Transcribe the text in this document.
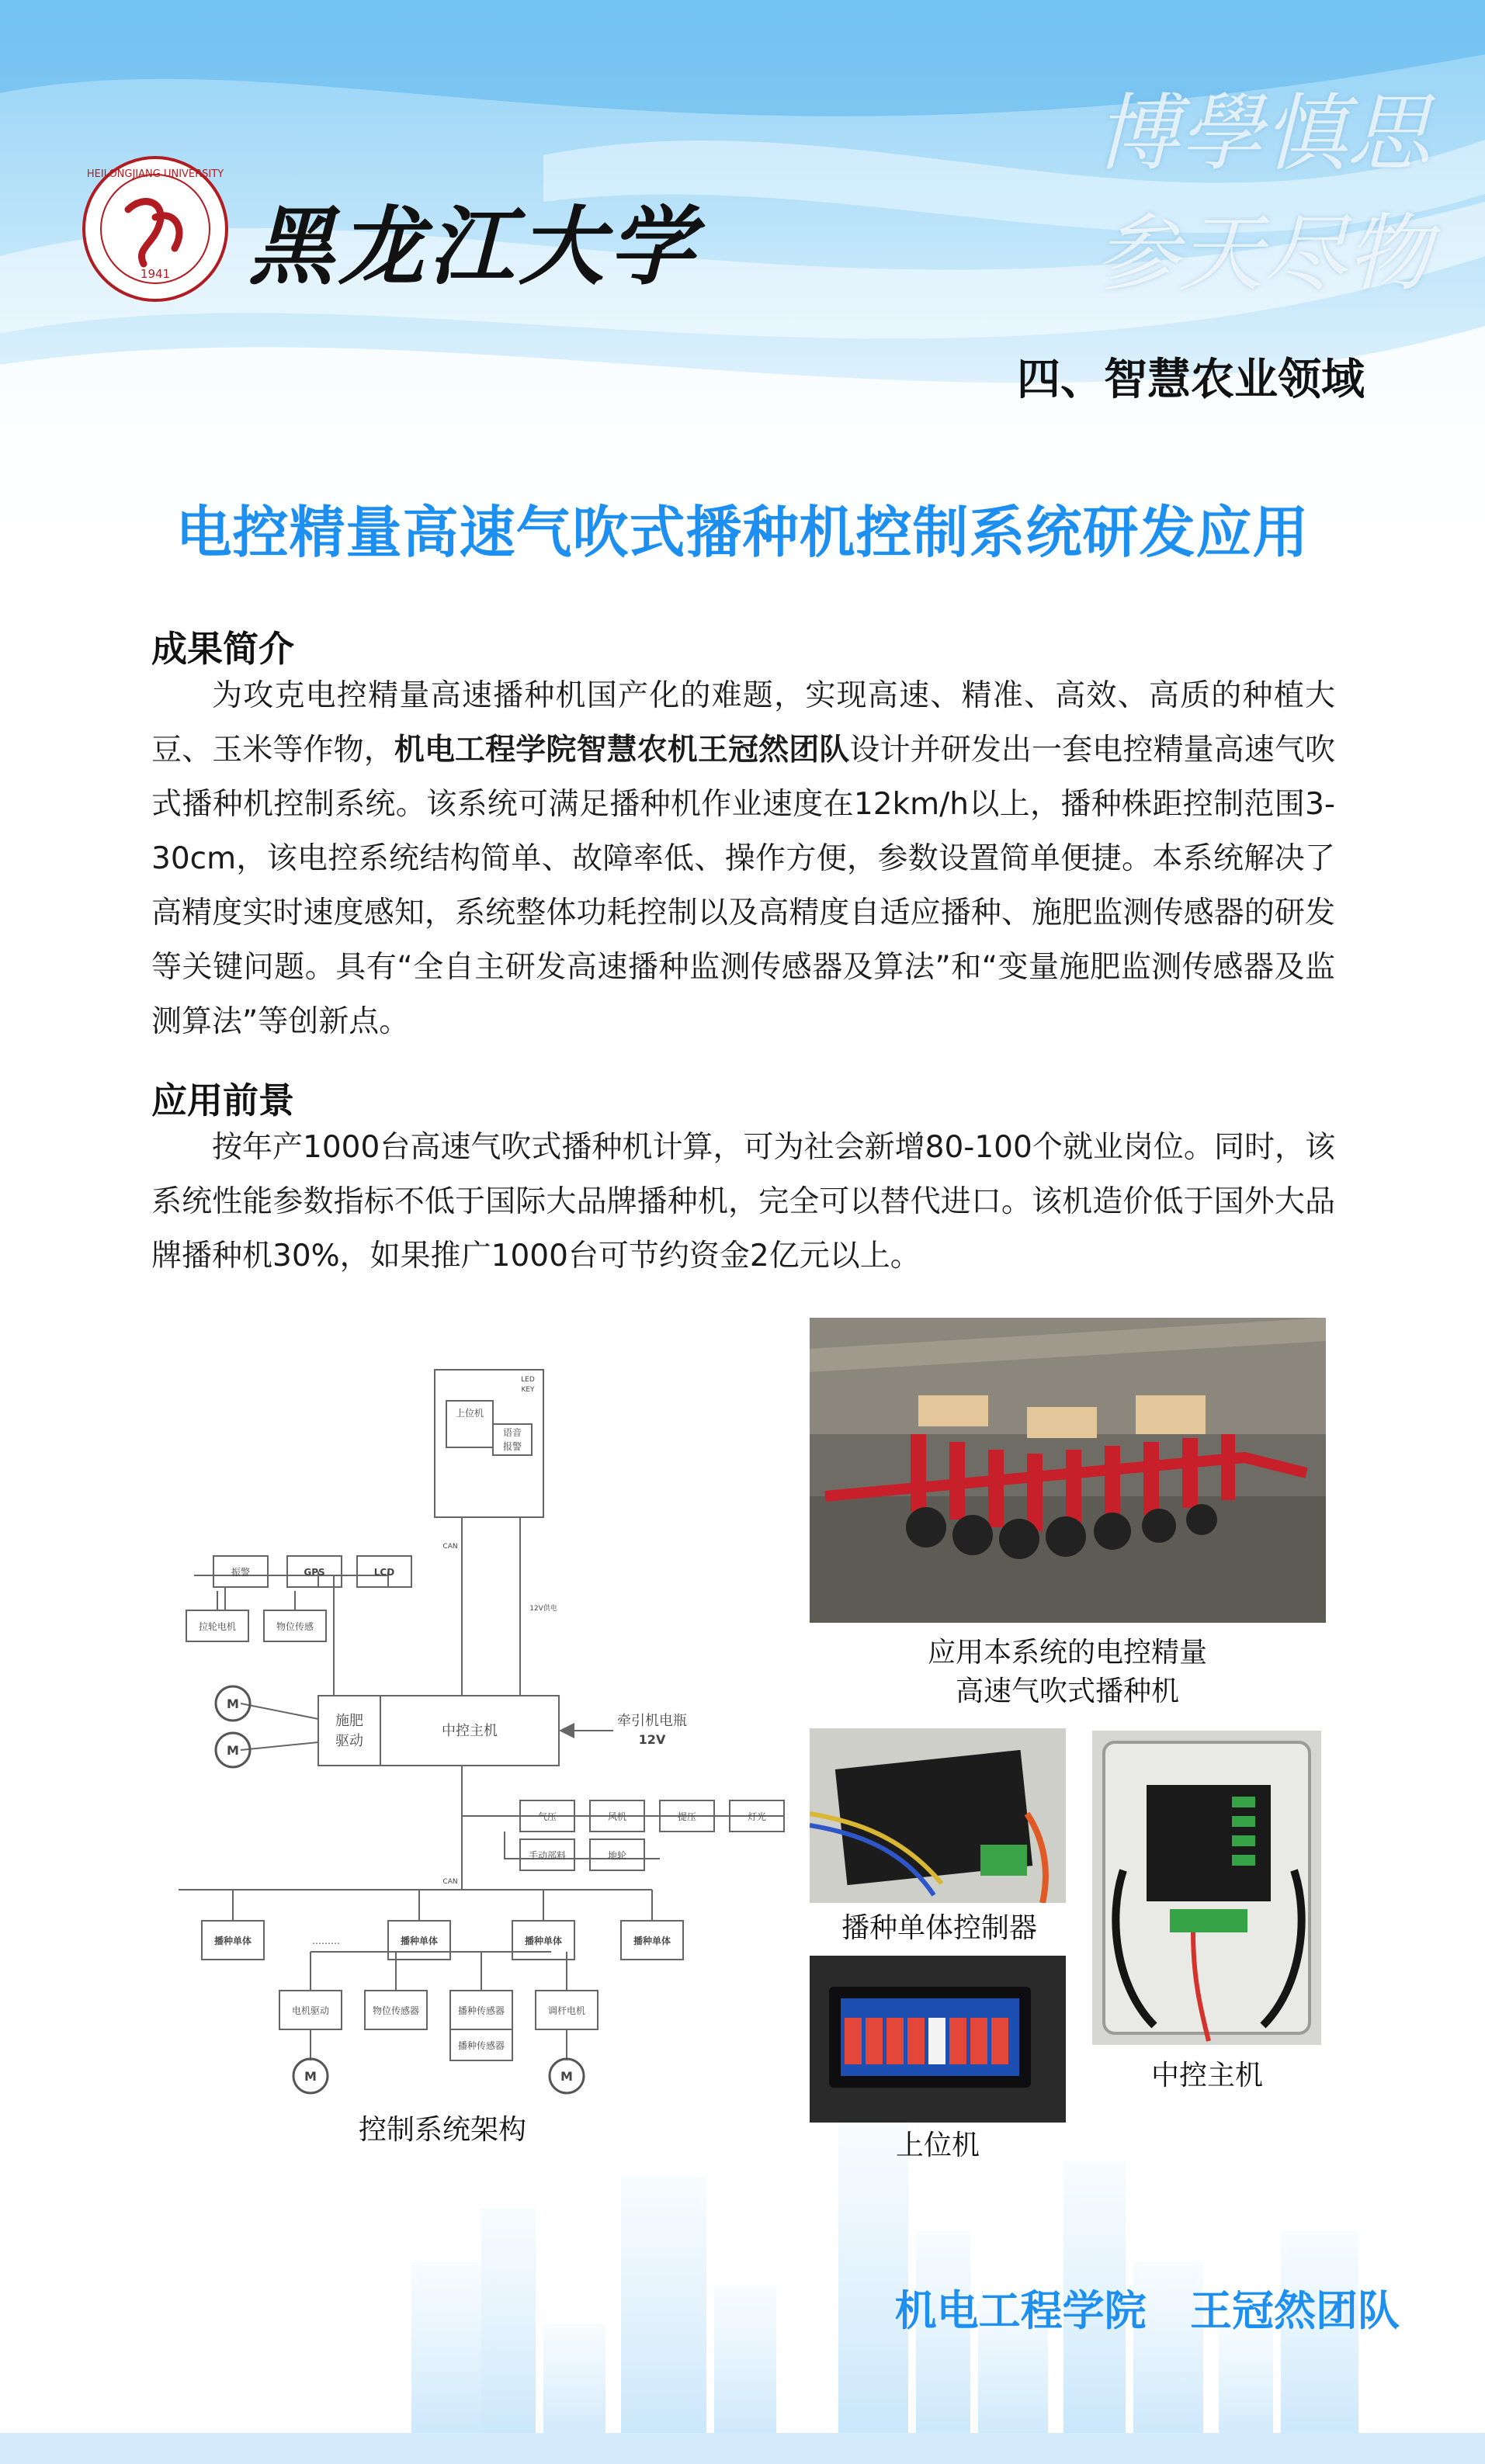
HEILONGJIANG UNIVERSITY
1941 黑龙江大学
博學慎思
参天尽物
四、智慧农业领域
电控精量高速气吹式播种机控制系统研发应用
成果简介
为攻克电控精量高速播种机国产化的难题，实现高速、精准、高效、高质的种植大豆、玉米等作物，机电工程学院智慧农机王冠然团队设计并研发出一套电控精量高速气吹式播种机控制系统。该系统可满足播种机作业速度在12km/h以上，播种株距控制范围3-30cm，该电控系统结构简单、故障率低、操作方便，参数设置简单便捷。本系统解决了高精度实时速度感知，系统整体功耗控制以及高精度自适应播种、施肥监测传感器的研发等关键问题。具有“全自主研发高速播种监测传感器及算法”和“变量施肥监测传感器及监测算法”等创新点。
应用前景
按年产1000台高速气吹式播种机计算，可为社会新增80-100个就业岗位。同时，该系统性能参数指标不低于国际大品牌播种机，完全可以替代进口。该机造价低于国外大品牌播种机30%，如果推广1000台可节约资金2亿元以上。
上位机
语音
报警
LED
KEY
CAN
12V供电
振警	GPS	LCD
拉轮电机	物位传感
施肥
驱动
中控主机
牵引机电瓶
12V
气压	风机	提压	灯光
手动部料	地轮
CAN
播种单体	………	播种单体	播种单体	播种单体
电机驱动	物位传感器	播种传感器
播种传感器
调杆电机
M
M
M	M
控制系统架构
应用本系统的电控精量
高速气吹式播种机
播种单体控制器
上位机
中控主机
机电工程学院   王冠然团队
